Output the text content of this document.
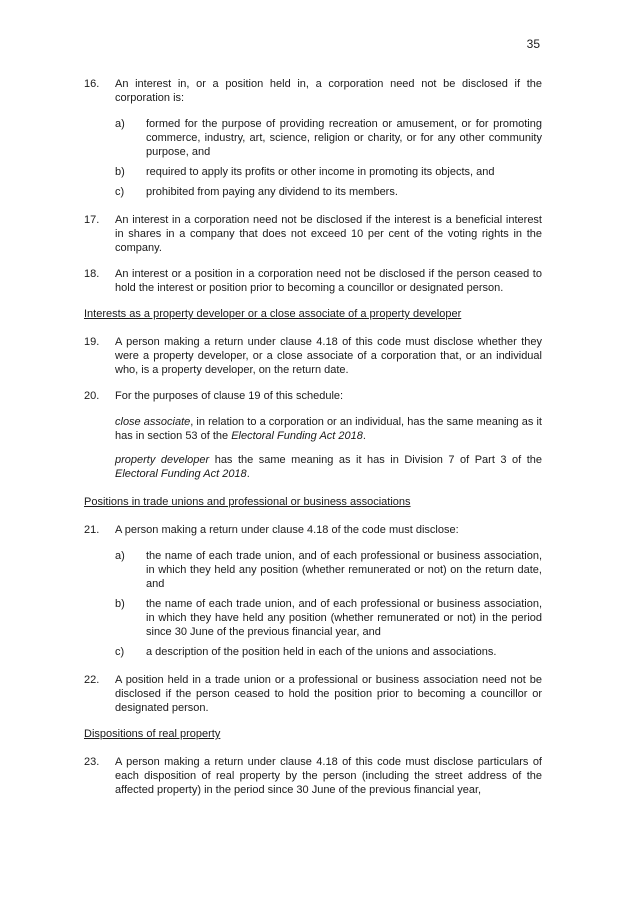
35
16.	An interest in, or a position held in, a corporation need not be disclosed if the corporation is:
a)	formed for the purpose of providing recreation or amusement, or for promoting commerce, industry, art, science, religion or charity, or for any other community purpose, and
b)	required to apply its profits or other income in promoting its objects, and
c)	prohibited from paying any dividend to its members.
17.	An interest in a corporation need not be disclosed if the interest is a beneficial interest in shares in a company that does not exceed 10 per cent of the voting rights in the company.
18.	An interest or a position in a corporation need not be disclosed if the person ceased to hold the interest or position prior to becoming a councillor or designated person.
Interests as a property developer or a close associate of a property developer
19.	A person making a return under clause 4.18 of this code must disclose whether they were a property developer, or a close associate of a corporation that, or an individual who, is a property developer, on the return date.
20.	For the purposes of clause 19 of this schedule:
close associate, in relation to a corporation or an individual, has the same meaning as it has in section 53 of the Electoral Funding Act 2018.
property developer has the same meaning as it has in Division 7 of Part 3 of the Electoral Funding Act 2018.
Positions in trade unions and professional or business associations
21.	A person making a return under clause 4.18 of the code must disclose:
a)	the name of each trade union, and of each professional or business association, in which they held any position (whether remunerated or not) on the return date, and
b)	the name of each trade union, and of each professional or business association, in which they have held any position (whether remunerated or not) in the period since 30 June of the previous financial year, and
c)	a description of the position held in each of the unions and associations.
22.	A position held in a trade union or a professional or business association need not be disclosed if the person ceased to hold the position prior to becoming a councillor or designated person.
Dispositions of real property
23.	A person making a return under clause 4.18 of this code must disclose particulars of each disposition of real property by the person (including the street address of the affected property) in the period since 30 June of the previous financial year,
